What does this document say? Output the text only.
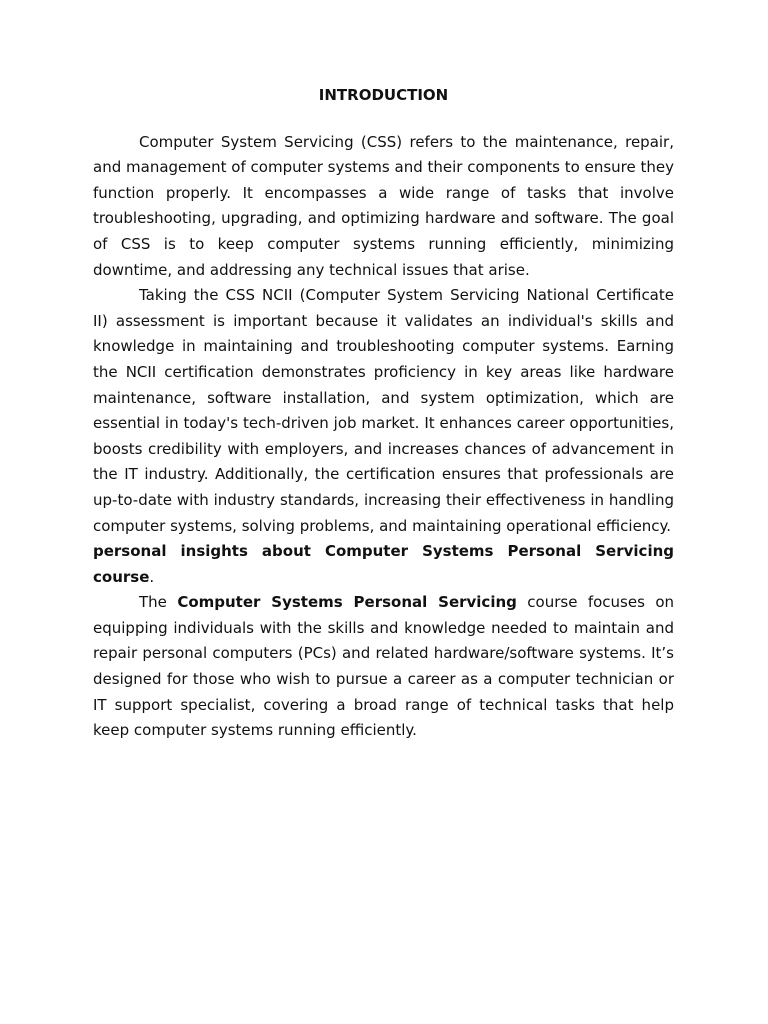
INTRODUCTION

Computer System Servicing (CSS) refers to the maintenance, repair, and management of computer systems and their components to ensure they function properly. It encompasses a wide range of tasks that involve troubleshooting, upgrading, and optimizing hardware and software. The goal of CSS is to keep computer systems running efficiently, minimizing downtime, and addressing any technical issues that arise.

Taking the CSS NCII (Computer System Servicing National Certificate II) assessment is important because it validates an individual's skills and knowledge in maintaining and troubleshooting computer systems. Earning the NCII certification demonstrates proficiency in key areas like hardware maintenance, software installation, and system optimization, which are essential in today's tech-driven job market. It enhances career opportunities, boosts credibility with employers, and increases chances of advancement in the IT industry. Additionally, the certification ensures that professionals are up-to-date with industry standards, increasing their effectiveness in handling computer systems, solving problems, and maintaining operational efficiency.

personal insights about Computer Systems Personal Servicing course.

The Computer Systems Personal Servicing course focuses on equipping individuals with the skills and knowledge needed to maintain and repair personal computers (PCs) and related hardware/software systems. It’s designed for those who wish to pursue a career as a computer technician or IT support specialist, covering a broad range of technical tasks that help keep computer systems running efficiently.
